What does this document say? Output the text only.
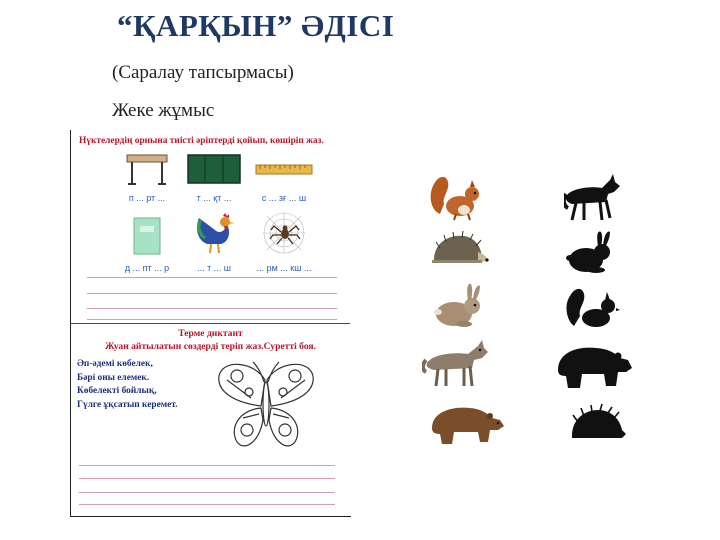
“ҚАРҚЫН” ӘДІСІ
(Саралау тапсырмасы)
Жеке жұмыс
Нүктелердің орнына тиісті әріптерді қойып, көшіріп жаз.
п ... рт ...	т ... қт ...	с ... зғ ... ш
д ... пт ... р	... т ... ш	... рм ... кш ...
Терме диктант
Жуан айтылатын сөздерді теріп жаз.Суретті боя.
Әп-әдемі көбелек,
Бәрі оны елемек.
Көбелекті бойлық,
Гүлге ұқсатып керемет.
